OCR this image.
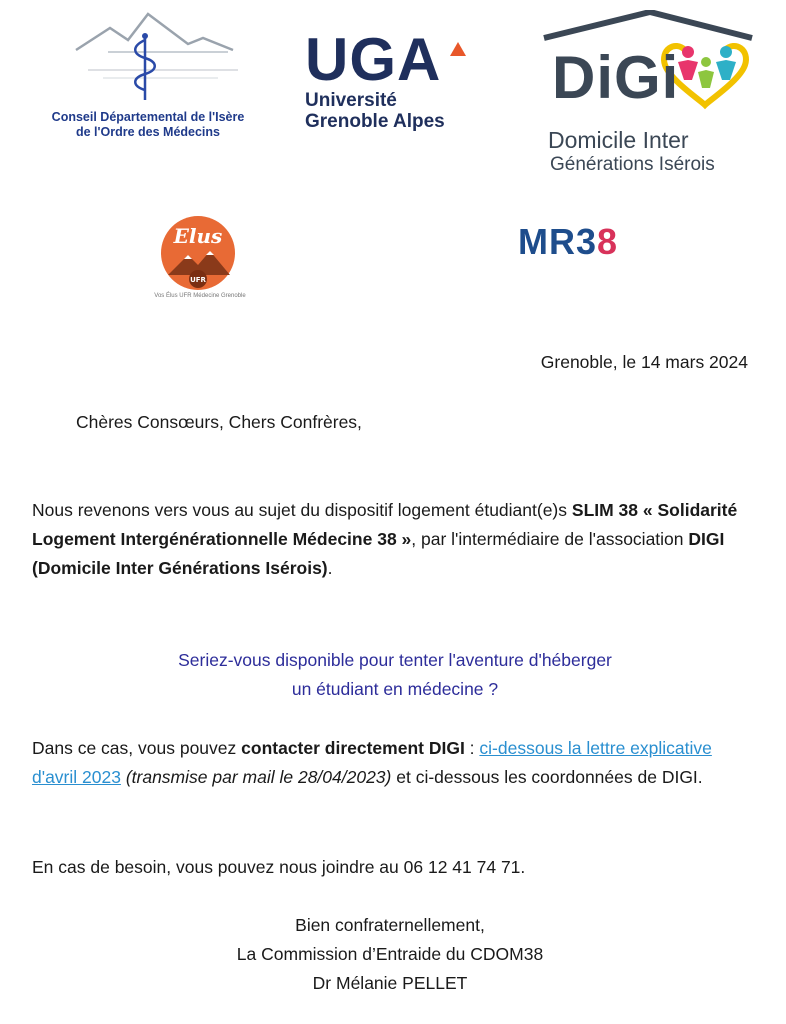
Conseil Départemental de l'Isère
de l'Ordre des Médecins
UGA
Université
Grenoble Alpes
DiGi
Domicile Inter
Générations Isérois
Elus
UFR
Vos Élus UFR Médecine Grenoble
MR38
Grenoble, le 14 mars 2024
Chères Consœurs, Chers Confrères,
Nous revenons vers vous au sujet du dispositif logement étudiant(e)s SLIM 38 « Solidarité Logement Intergénérationnelle Médecine 38 », par l'intermédiaire de l'association DIGI (Domicile Inter Générations Isérois).
Seriez-vous disponible pour tenter l'aventure d'héberger
un étudiant en médecine ?
Dans ce cas, vous pouvez contacter directement DIGI : ci-dessous la lettre explicative d'avril 2023 (transmise par mail le 28/04/2023) et ci-dessous les coordonnées de DIGI.
En cas de besoin, vous pouvez nous joindre au 06 12 41 74 71.
Bien confraternellement,
La Commission d’Entraide du CDOM38
Dr Mélanie PELLET
